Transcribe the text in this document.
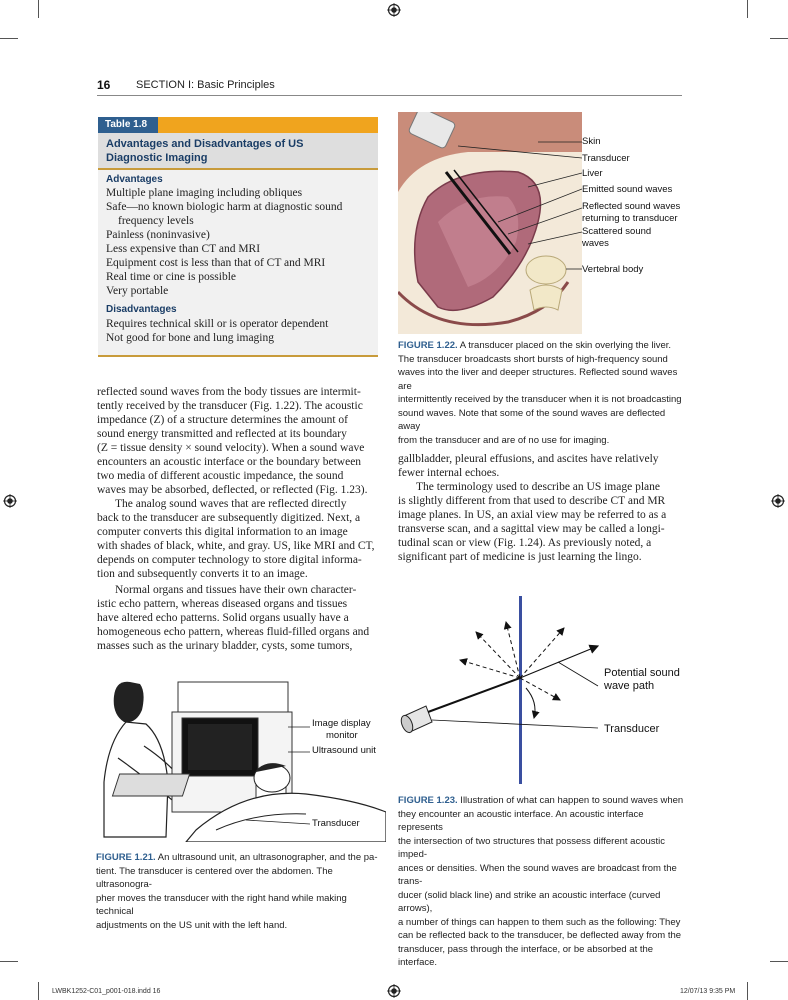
16 SECTION I: Basic Principles
Table 1.8
Advantages and Disadvantages of US
Diagnostic Imaging
Advantages
Multiple plane imaging including obliques
Safe—no known biologic harm at diagnostic sound
frequency levels
Painless (noninvasive)
Less expensive than CT and MRI
Equipment cost is less than that of CT and MRI
Real time or cine is possible
Very portable
Disadvantages
Requires technical skill or is operator dependent
Not good for bone and lung imaging
reflected sound waves from the body tissues are intermit-
tently received by the transducer (Fig. 1.22). The acoustic
impedance (Z) of a structure determines the amount of
sound energy transmitted and reflected at its boundary
(Z = tissue density × sound velocity). When a sound wave
encounters an acoustic interface or the boundary between
two media of different acoustic impedance, the sound
waves may be absorbed, deflected, or reflected (Fig. 1.23).
The analog sound waves that are reflected directly
back to the transducer are subsequently digitized. Next, a
computer converts this digital information to an image
with shades of black, white, and gray. US, like MRI and CT,
depends on computer technology to store digital informa-
tion and subsequently converts it to an image.
Normal organs and tissues have their own character-
istic echo pattern, whereas diseased organs and tissues
have altered echo patterns. Solid organs usually have a
homogeneous echo pattern, whereas fluid-filled organs and
masses such as the urinary bladder, cysts, some tumors,
Skin
Transducer
Liver
Emitted sound waves
Reflected sound waves
returning to transducer
Scattered sound
waves
Vertebral body
FIGURE 1.22. A transducer placed on the skin overlying the liver.
The transducer broadcasts short bursts of high-frequency sound
waves into the liver and deeper structures. Reflected sound waves are
intermittently received by the transducer when it is not broadcasting
sound waves. Note that some of the sound waves are deflected away
from the transducer and are of no use for imaging.
gallbladder, pleural effusions, and ascites have relatively
fewer internal echoes.
The terminology used to describe an US image plane
is slightly different from that used to describe CT and MR
image planes. In US, an axial view may be referred to as a
transverse scan, and a sagittal view may be called a longi-
tudinal scan or view (Fig. 1.24). As previously noted, a
significant part of medicine is just learning the lingo.
Image display
monitor
Ultrasound unit
Transducer
FIGURE 1.21. An ultrasound unit, an ultrasonographer, and the pa-
tient. The transducer is centered over the abdomen. The ultrasonogra-
pher moves the transducer with the right hand while making technical
adjustments on the US unit with the left hand.
Potential sound
wave path
Transducer
FIGURE 1.23. Illustration of what can happen to sound waves when
they encounter an acoustic interface. An acoustic interface represents
the intersection of two structures that possess different acoustic imped-
ances or densities. When the sound waves are broadcast from the trans-
ducer (solid black line) and strike an acoustic interface (curved arrows),
a number of things can happen to them such as the following: They
can be reflected back to the transducer, be deflected away from the
transducer, pass through the interface, or be absorbed at the interface.
LWBK1252-C01_p001-018.indd 16	12/07/13 9:35 PM
